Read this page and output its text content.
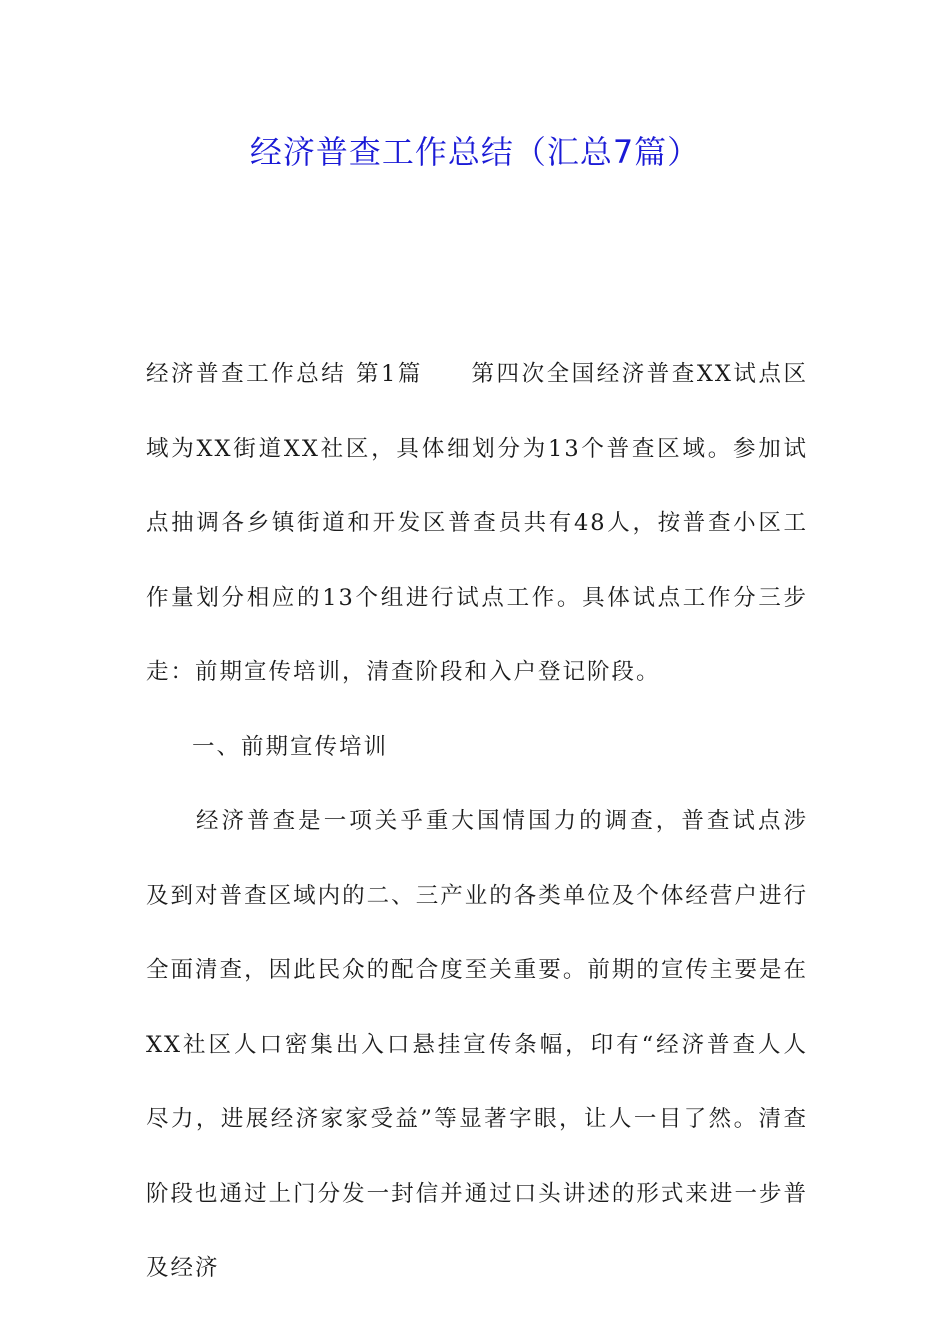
经济普查工作总结（汇总7篇）

经济普查工作总结 第1篇 第四次全国经济普查XX试点区域为XX街道XX社区，具体细划分为13个普查区域。参加试点抽调各乡镇街道和开发区普查员共有48人，按普查小区工作量划分相应的13个组进行试点工作。具体试点工作分三步走：前期宣传培训，清查阶段和入户登记阶段。

一、前期宣传培训

经济普查是一项关乎重大国情国力的调查，普查试点涉及到对普查区域内的二、三产业的各类单位及个体经营户进行全面清查，因此民众的配合度至关重要。前期的宣传主要是在XX社区人口密集出入口悬挂宣传条幅，印有“经济普查人人尽力，进展经济家家受益”等显著字眼，让人一目了然。清查阶段也通过上门分发一封信并通过口头讲述的形式来进一步普及经济
